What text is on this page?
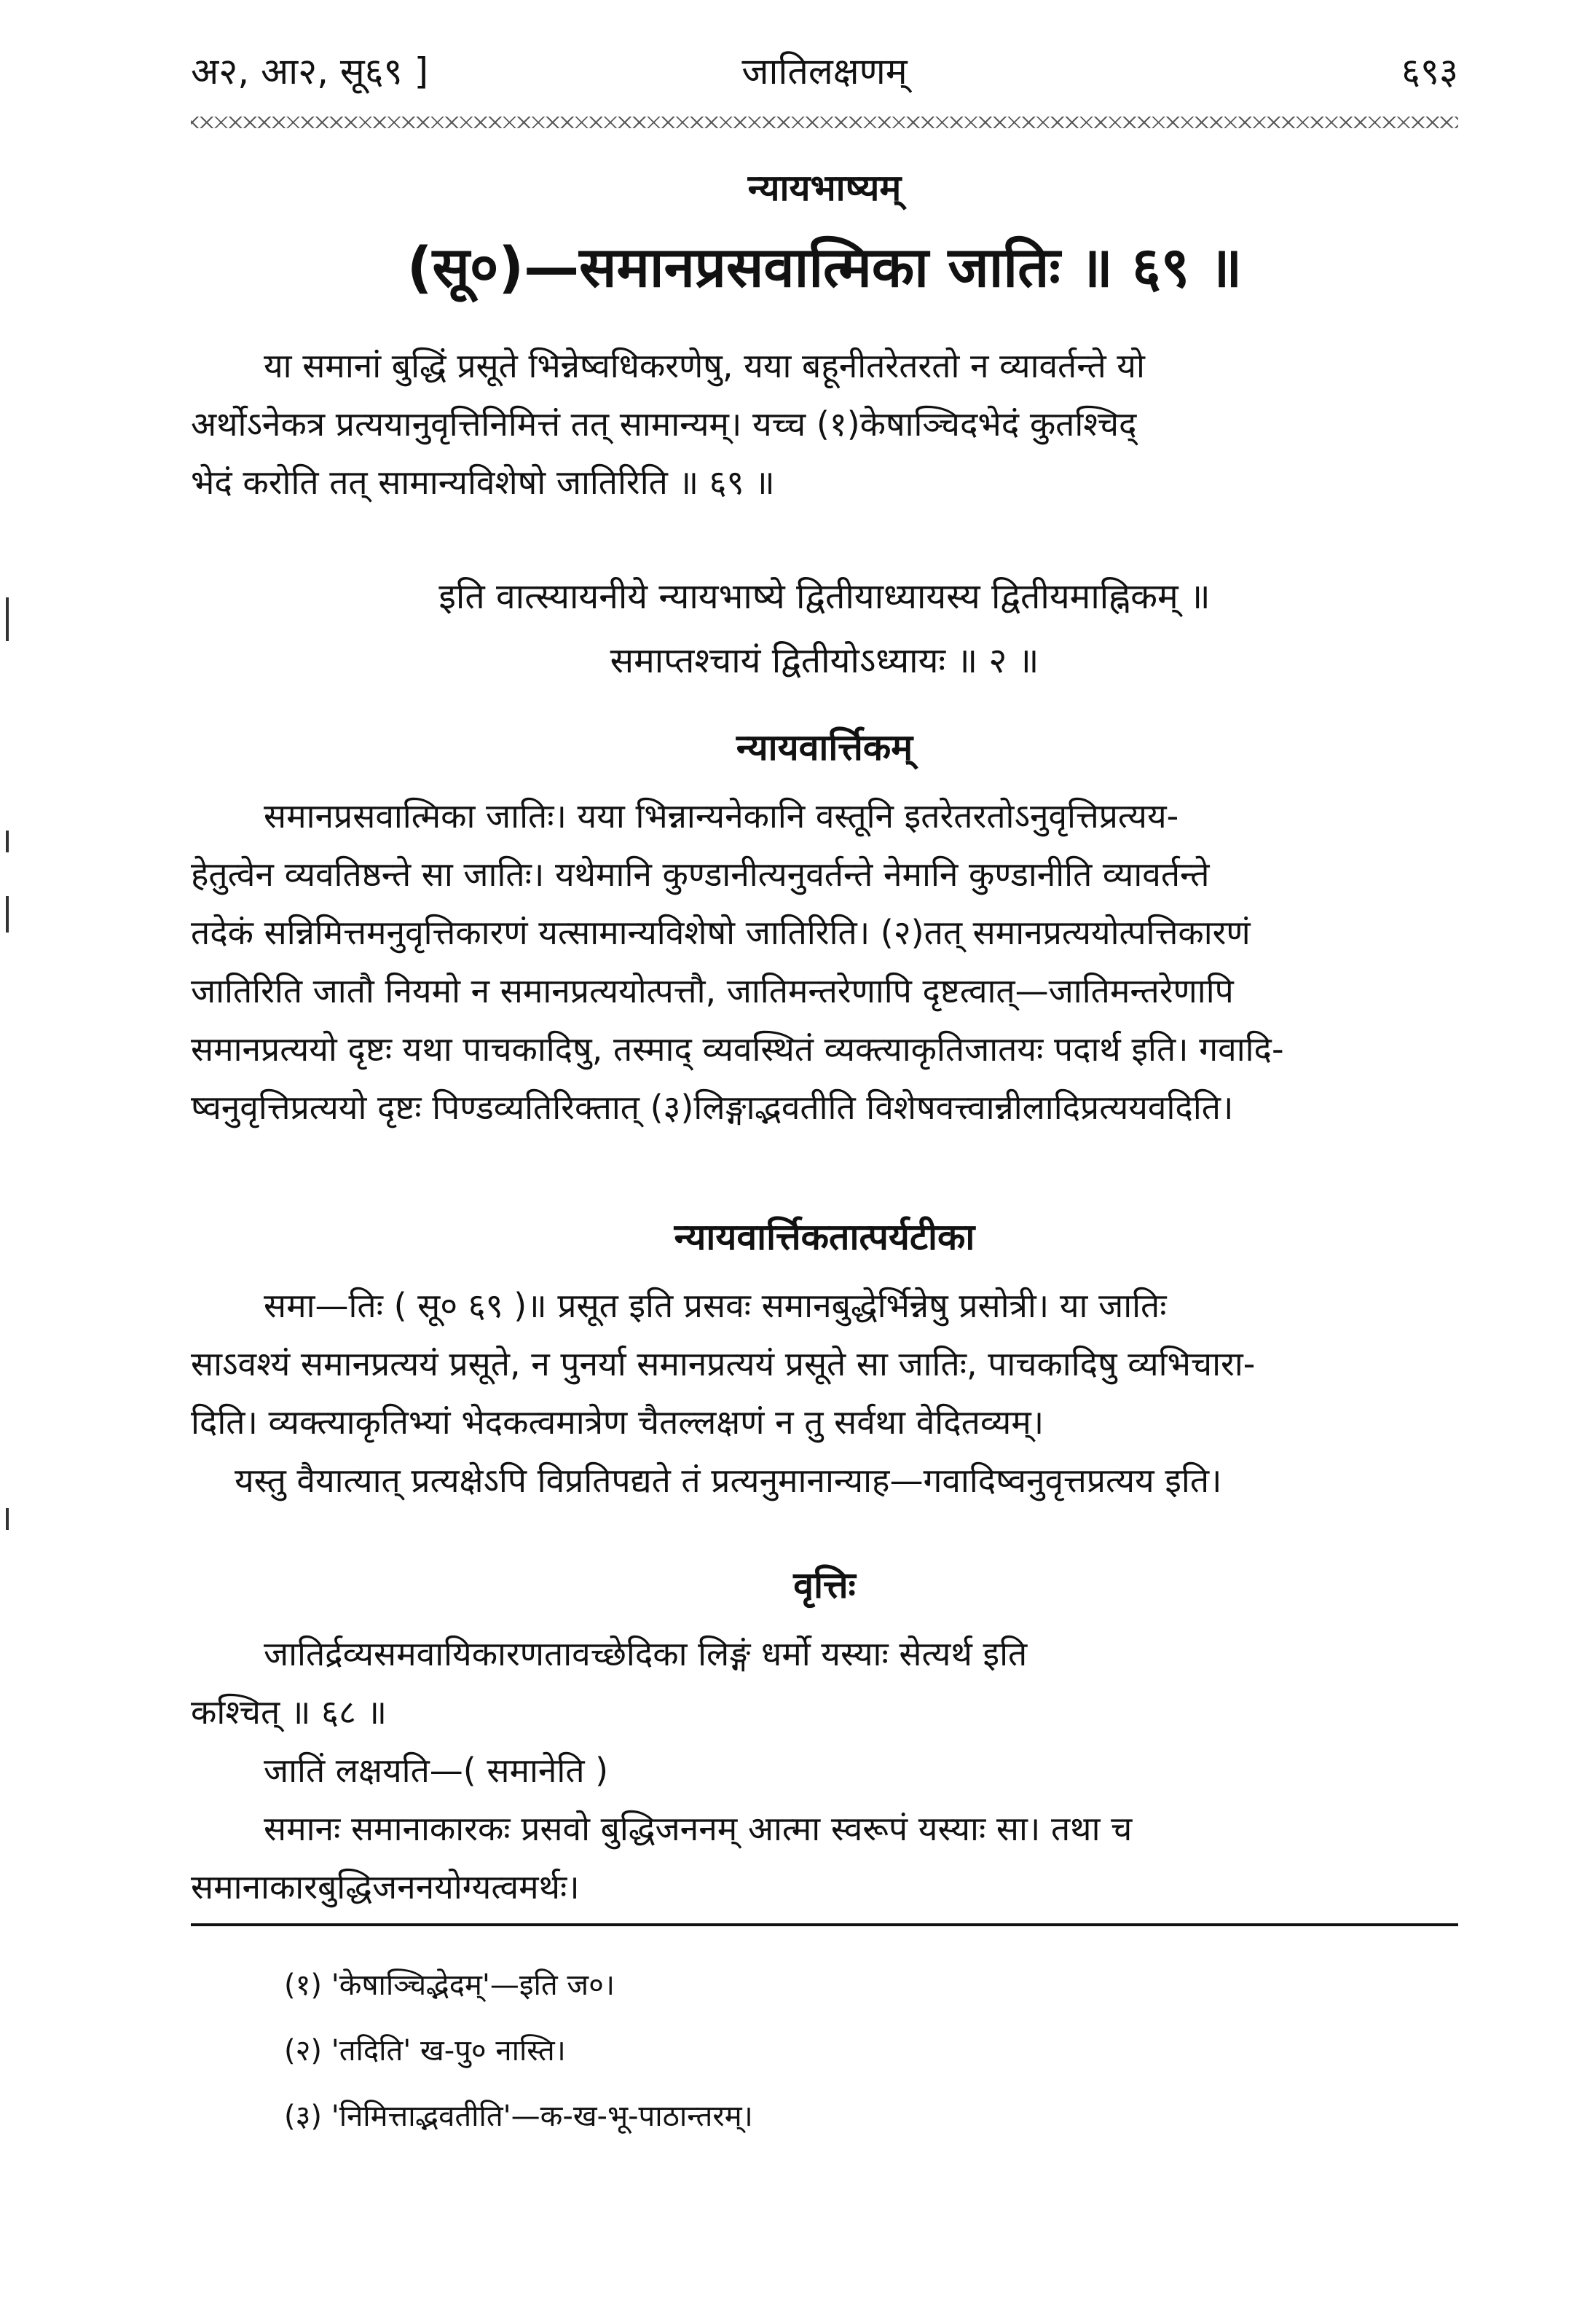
अ२, आ२, सू६९ ]	जातिलक्षणम्	६९३
न्यायभाष्यम्
(सू०)—समानप्रसवात्मिका जातिः ॥ ६९ ॥

या समानां बुद्धिं प्रसूते भिन्नेष्वधिकरणेषु, यया बहूनीतरेतरतो न व्यावर्तन्ते यो

अर्थोऽनेकत्र प्रत्ययानुवृत्तिनिमित्तं तत् सामान्यम्। यच्च (१)केषाञ्चिदभेदं कुतश्चिद्

भेदं करोति तत् सामान्यविशेषो जातिरिति ॥ ६९ ॥

इति वात्स्यायनीये न्यायभाष्ये द्वितीयाध्यायस्य द्वितीयमाह्निकम् ॥
समाप्तश्चायं द्वितीयोऽध्यायः ॥ २ ॥
न्यायवार्त्तिकम्

समानप्रसवात्मिका जातिः। यया भिन्नान्यनेकानि वस्तूनि इतरेतरतोऽनुवृत्तिप्रत्यय-

हेतुत्वेन व्यवतिष्ठन्ते सा जातिः। यथेमानि कुण्डानीत्यनुवर्तन्ते नेमानि कुण्डानीति व्यावर्तन्ते

तदेकं सन्निमित्तमनुवृत्तिकारणं यत्सामान्यविशेषो जातिरिति। (२)तत् समानप्रत्ययोत्पत्तिकारणं

जातिरिति जातौ नियमो न समानप्रत्ययोत्पत्तौ, जातिमन्तरेणापि दृष्टत्वात्—जातिमन्तरेणापि

समानप्रत्ययो दृष्टः यथा पाचकादिषु, तस्माद् व्यवस्थितं व्यक्त्याकृतिजातयः पदार्थ इति। गवादि-

ष्वनुवृत्तिप्रत्ययो दृष्टः पिण्डव्यतिरिक्तात् (३)लिङ्गाद्भवतीति विशेषवत्त्वान्नीलादिप्रत्ययवदिति।

न्यायवार्त्तिकतात्पर्यटीका

समा—तिः ( सू० ६९ )॥ प्रसूत इति प्रसवः समानबुद्धेर्भिन्नेषु प्रसोत्री। या जातिः

साऽवश्यं समानप्रत्ययं प्रसूते, न पुनर्या समानप्रत्ययं प्रसूते सा जातिः, पाचकादिषु व्यभिचारा-

दिति। व्यक्त्याकृतिभ्यां भेदकत्वमात्रेण चैतल्लक्षणं न तु सर्वथा वेदितव्यम्।

यस्तु वैयात्यात् प्रत्यक्षेऽपि विप्रतिपद्यते तं प्रत्यनुमानान्याह—गवादिष्वनुवृत्तप्रत्यय इति।

वृत्तिः

जातिर्द्रव्यसमवायिकारणतावच्छेदिका लिङ्गं धर्मो यस्याः सेत्यर्थ इति

कश्चित् ॥ ६८ ॥

जातिं लक्षयति—( समानेति )

समानः समानाकारकः प्रसवो बुद्धिजननम् आत्मा स्वरूपं यस्याः सा। तथा च

समानाकारबुद्धिजननयोग्यत्वमर्थः।

(१) 'केषाञ्चिद्भेदम्'—इति ज०।
(२) 'तदिति' ख-पु० नास्ति।
(३) 'निमित्ताद्भवतीति'—क-ख-भू-पाठान्तरम्।
